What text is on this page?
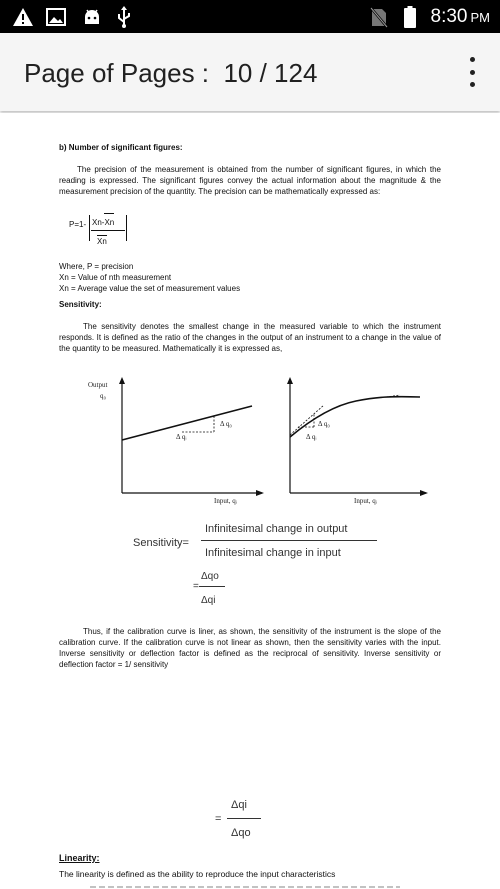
8:30 PM
Page of Pages :  10 / 124
b) Number of significant figures:
The precision of the measurement is obtained from the number of significant figures, in which the reading is expressed. The significant figures convey the actual information about the magnitude & the measurement precision of the quantity. The precision can be mathematically expressed as:
P=1- Xn-Xn
Xn
Where, P = precision
Xn = Value of nth measurement
Xn = Average value the set of measurement values
Sensitivity:
The sensitivity denotes the smallest change in the measured variable to which the instrument responds. It is defined as the ratio of the changes in the output of an instrument to a change in the value of the quantity to be measured. Mathematically it is expressed as,
Output
q₀
Δ q₀
Δ qᵢ
Input, qᵢ
Δ q₀
Δ qᵢ
Input, qᵢ
Sensitivity=
Infinitesimal change in output
Infinitesimal change in input
=
Δqo
Δqi
Thus, if the calibration curve is liner, as shown, the sensitivity of the instrument is the slope of the calibration curve. If the calibration curve is not linear as shown, then the sensitivity varies with the input. Inverse sensitivity or deflection factor is defined as the reciprocal of sensitivity. Inverse sensitivity or deflection factor = 1/ sensitivity
=
Δqi
Δqo
Linearity:
The linearity is defined as the ability to reproduce the input characteristics
